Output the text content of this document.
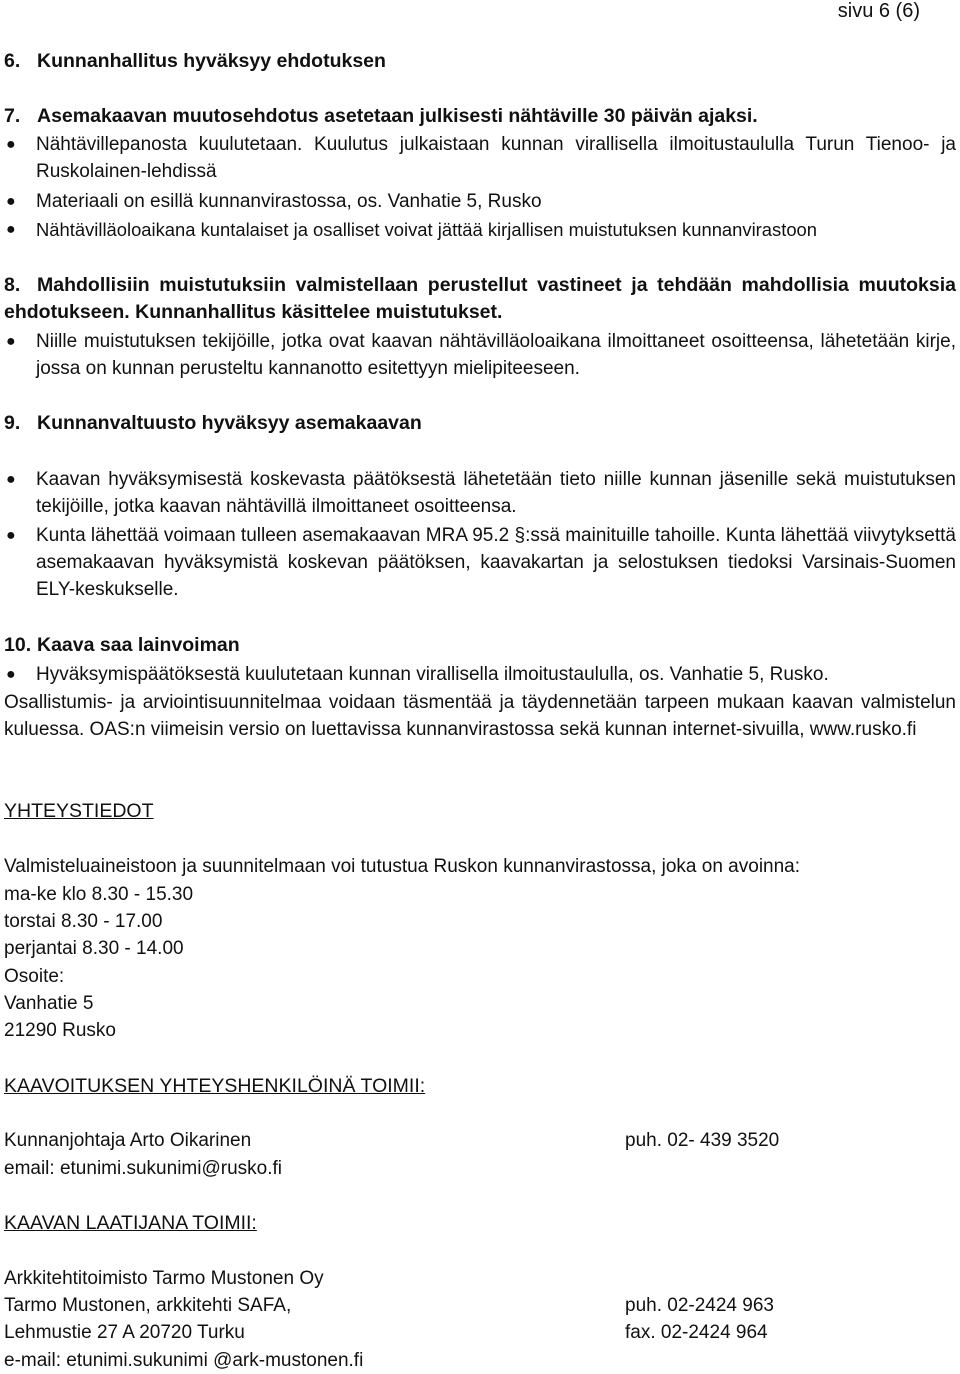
sivu 6 (6)
6. Kunnanhallitus hyväksyy ehdotuksen
7. Asemakaavan muutosehdotus asetetaan julkisesti nähtäville 30 päivän ajaksi.
● Nähtävillepanosta kuulutetaan. Kuulutus julkaistaan kunnan virallisella ilmoitustaululla Turun Tienoo- ja Ruskolainen-lehdissä
● Materiaali on esillä kunnanvirastossa, os. Vanhatie 5, Rusko
● Nähtävilläoloaikana kuntalaiset ja osalliset voivat jättää kirjallisen muistutuksen kunnanvirastoon
8. Mahdollisiin muistutuksiin valmistellaan perustellut vastineet ja tehdään mahdollisia muutoksia ehdotukseen. Kunnanhallitus käsittelee muistutukset.
● Niille muistutuksen tekijöille, jotka ovat kaavan nähtävilläoloaikana ilmoittaneet osoitteensa, lähetetään kirje, jossa on kunnan perusteltu kannanotto esitettyyn mielipiteeseen.
9. Kunnanvaltuusto hyväksyy asemakaavan
● Kaavan hyväksymisestä koskevasta päätöksestä lähetetään tieto niille kunnan jäsenille sekä muistutuksen tekijöille, jotka kaavan nähtävillä ilmoittaneet osoitteensa.
● Kunta lähettää voimaan tulleen asemakaavan MRA 95.2 §:ssä mainituille tahoille. Kunta lähettää viivytyksettä asemakaavan hyväksymistä koskevan päätöksen, kaavakartan ja selostuksen tiedoksi Varsinais-Suomen ELY-keskukselle.
10. Kaava saa lainvoiman
● Hyväksymispäätöksestä kuulutetaan kunnan virallisella ilmoitustaululla, os. Vanhatie 5, Rusko.
Osallistumis- ja arviointisuunnitelmaa voidaan täsmentää ja täydennetään tarpeen mukaan kaavan valmistelun kuluessa. OAS:n viimeisin versio on luettavissa kunnanvirastossa sekä kunnan internet-sivuilla, www.rusko.fi
YHTEYSTIEDOT
Valmisteluaineistoon ja suunnitelmaan voi tutustua Ruskon kunnanvirastossa, joka on avoinna:
ma-ke klo 8.30 - 15.30
torstai 8.30 - 17.00
perjantai 8.30 - 14.00
Osoite:
Vanhatie 5
21290 Rusko
KAAVOITUKSEN YHTEYSHENKILÖINÄ TOIMII:
Kunnanjohtaja Arto Oikarinen	puh. 02- 439 3520
email: etunimi.sukunimi@rusko.fi
KAAVAN LAATIJANA TOIMII:
Arkkitehtitoimisto Tarmo Mustonen Oy
Tarmo Mustonen, arkkitehti SAFA,	puh. 02-2424 963
Lehmustie 27 A 20720 Turku	fax. 02-2424 964
e-mail: etunimi.sukunimi @ark-mustonen.fi
